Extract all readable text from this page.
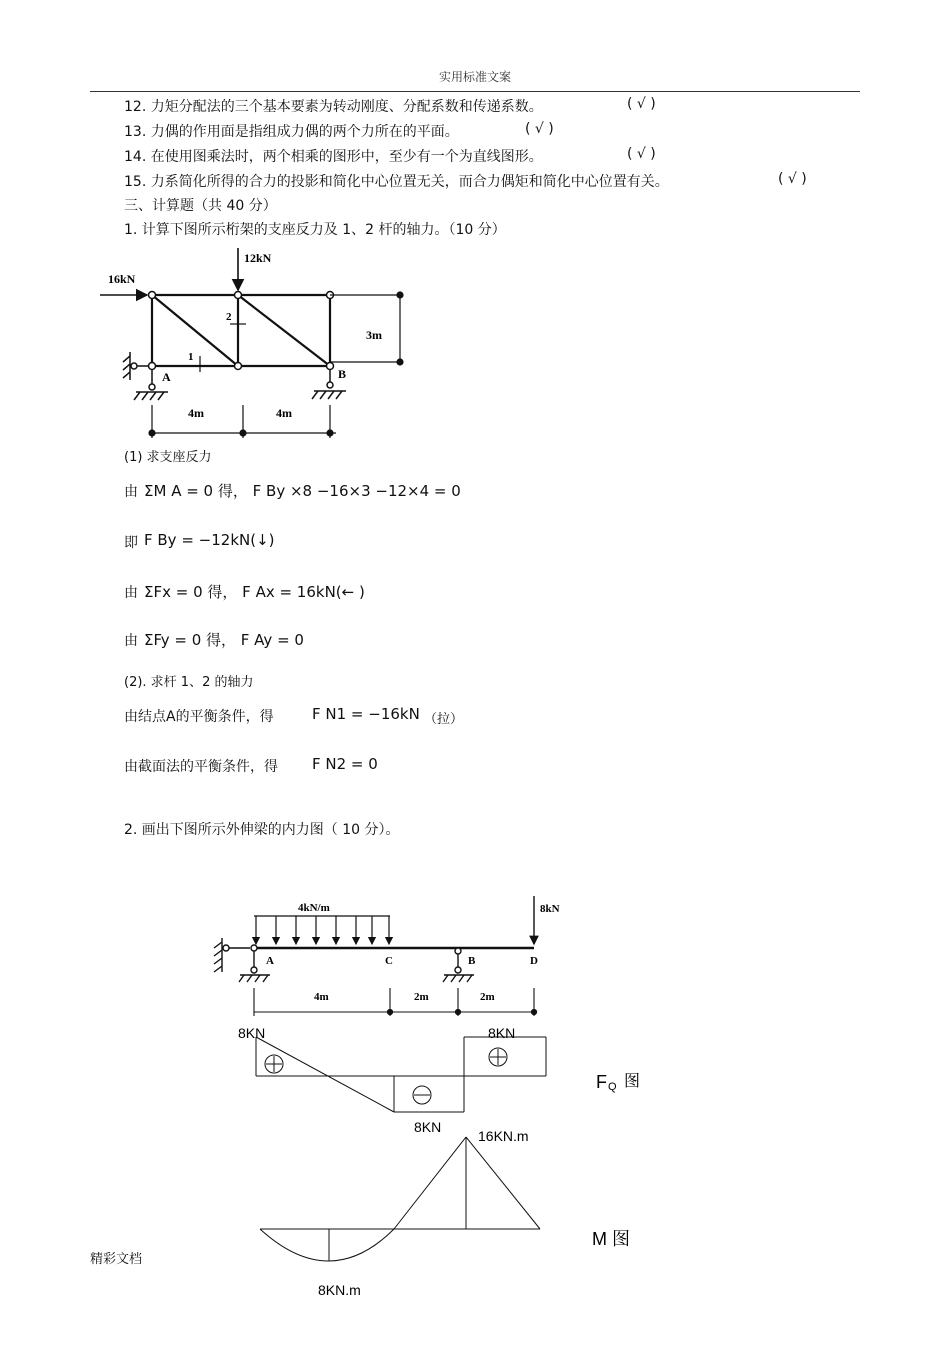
实用标准文案
12. 力矩分配法的三个基本要素为转动刚度、分配系数和传递系数。	( √ )
13. 力偶的作用面是指组成力偶的两个力所在的平面。	( √ )
14. 在使用图乘法时，两个相乘的图形中，至少有一个为直线图形。	( √ )
15. 力系简化所得的合力的投影和简化中心位置无关，而合力偶矩和简化中心位置有关。	( √ )
三、计算题（共 40 分）
1. 计算下图所示桁架的支座反力及 1、2 杆的轴力。（10 分）
16kN
12kN
A	B
1
2
3m
4m	4m
(1) 求支座反力
由 ΣM A = 0 得， F By ×8 −16×3 −12×4 = 0
即 F By = −12kN(↓)
由 ΣFx = 0 得， F Ax = 16kN(← )
由 ΣFy = 0 得， F Ay = 0
(2). 求杆 1、2 的轴力
由结点A的平衡条件，得	F N1 = −16kN （拉）
由截面法的平衡条件，得 F N2 = 0
2. 画出下图所示外伸梁的内力图（ 10 分）。
4kN/m	8kN
A	C	B	D
4m	2m	2m
8KN	8KN
8KN
F Q 图
16KN.m
8KN.m
M 图
精彩文档
